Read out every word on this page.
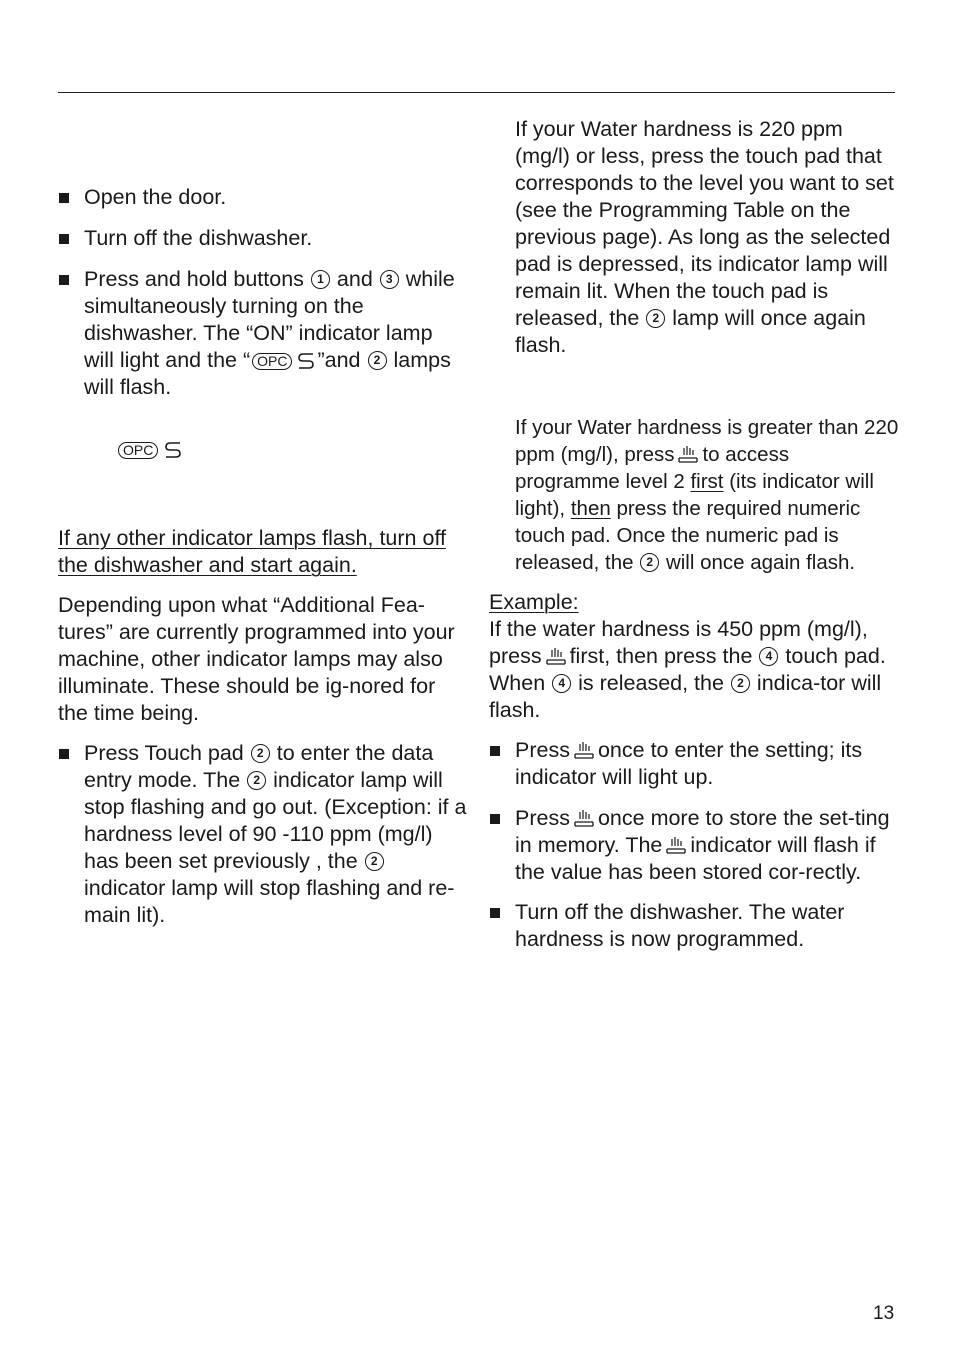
Open the door.

Turn off the dishwasher.

Press and hold buttons 1 and 3 while simultaneously turning on the dishwasher. The “ON” indicator lamp will light and the “ OPC ”and 2 lamps will flash.

OPC

If any other indicator lamps flash, turn off the dishwasher and start again.

Depending upon what “Additional Fea-tures” are currently programmed into your machine, other indicator lamps may also illuminate. These should be ig-nored for the time being.

Press Touch pad 2 to enter the data entry mode. The 2 indicator lamp will stop flashing and go out. (Exception: if a hardness level of 90 -110 ppm (mg/l) has been set previously , the 2 indicator lamp will stop flashing and re-main lit).

If your Water hardness is 220 ppm (mg/l) or less, press the touch pad that corresponds to the level you want to set (see the Programming Table on the previous page). As long as the selected pad is depressed, its indicator lamp will remain lit. When the touch pad is released, the 2 lamp will once again flash.

If your Water hardness is greater than 220 ppm (mg/l), press to access programme level 2 first (its indicator will light), then press the required numeric touch pad. Once the numeric pad is released, the 2 will once again flash.

Example:

If the water hardness is 450 ppm (mg/l), press first, then press the 4 touch pad. When 4 is released, the 2 indica-tor will flash.

Press once to enter the setting; its indicator will light up.

Press once more to store the set-ting in memory. The indicator will flash if the value has been stored cor-rectly.

Turn off the dishwasher. The water hardness is now programmed.

13
